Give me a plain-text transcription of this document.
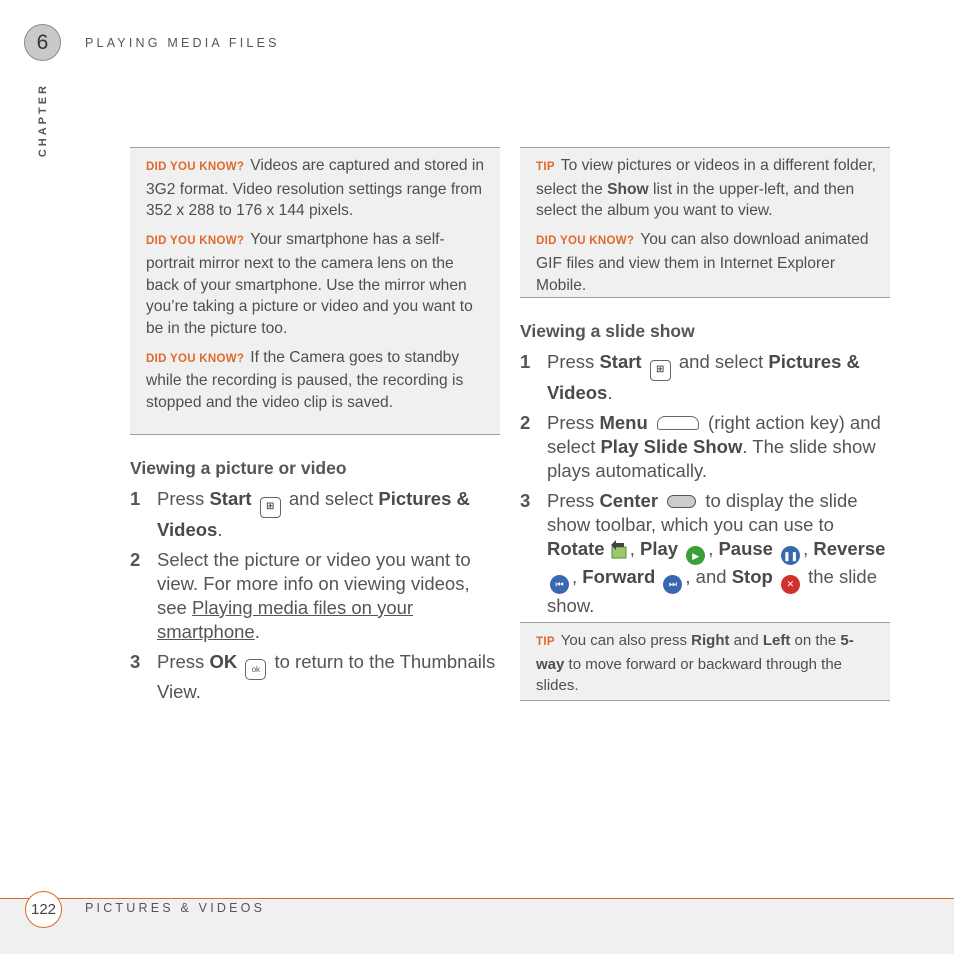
6	PLAYING MEDIA FILES
CHAPTER

DID YOU KNOW? Videos are captured and stored in 3G2 format. Video resolution settings range from 352 x 288 to 176 x 144 pixels.

DID YOU KNOW? Your smartphone has a self-portrait mirror next to the camera lens on the back of your smartphone. Use the mirror when you’re taking a picture or video and you want to be in the picture too.

DID YOU KNOW? If the Camera goes to standby while the recording is paused, the recording is stopped and the video clip is saved.

Viewing a picture or video
1 Press Start ⊞ and select Pictures & Videos.
2 Select the picture or video you want to view. For more info on viewing videos, see Playing media files on your smartphone.
3 Press OK ok to return to the Thumbnails View.

TIP To view pictures or videos in a different folder, select the Show list in the upper-left, and then select the album you want to view.

DID YOU KNOW? You can also download animated GIF files and view them in Internet Explorer Mobile.

Viewing a slide show
1 Press Start ⊞ and select Pictures & Videos.
2 Press Menu	(right action key) and select Play Slide Show. The slide show plays automatically.
3 Press Center	to display the slide show toolbar, which you can use to Rotate , Play ▶ , Pause ❚❚ , Reverse ⏮ , Forward ⏭ , and Stop ✕ the slide show.

TIP You can also press Right and Left on the 5-way to move forward or backward through the slides.

122	PICTURES & VIDEOS
